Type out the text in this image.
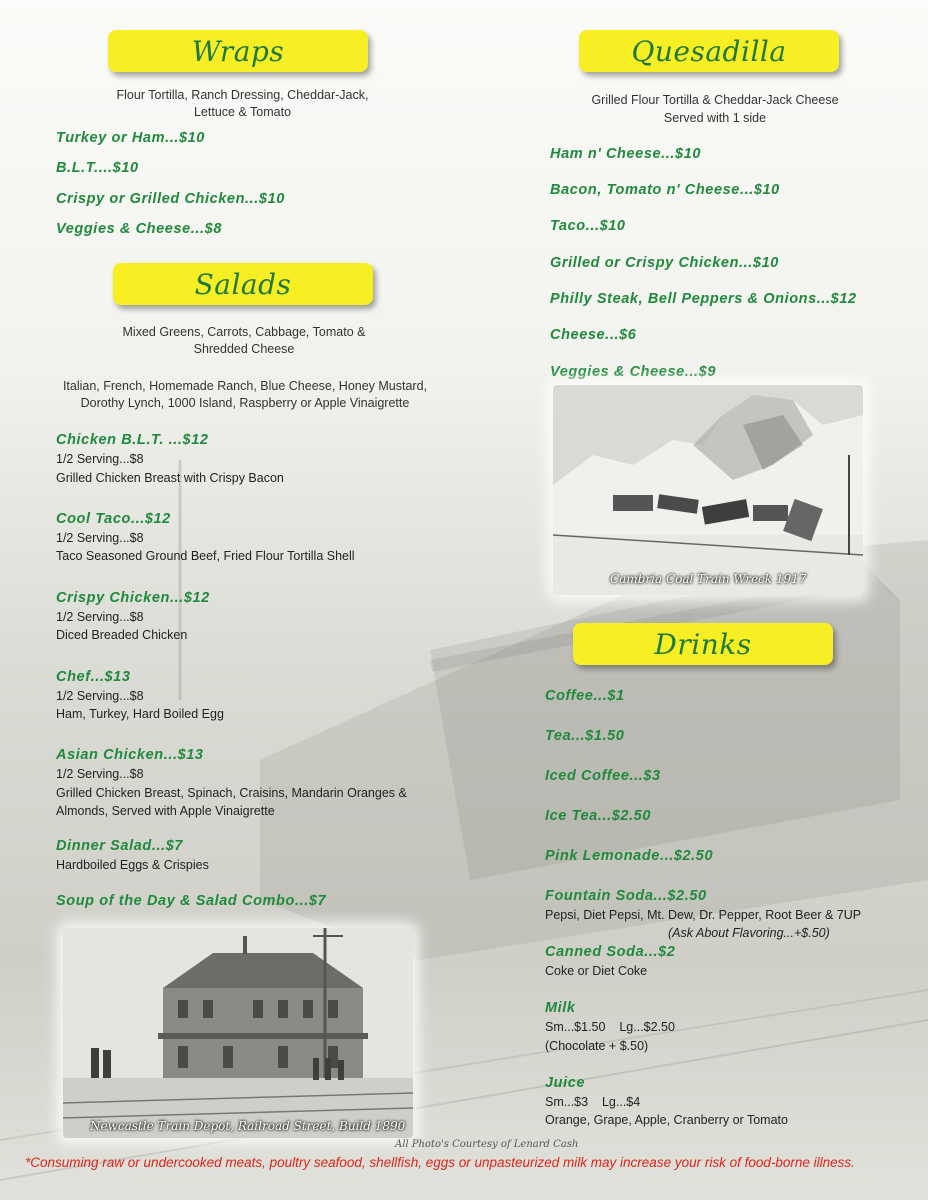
Wraps
Flour Tortilla, Ranch Dressing, Cheddar-Jack, Lettuce & Tomato
Turkey or Ham...$10
B.L.T....$10
Crispy or Grilled Chicken...$10
Veggies & Cheese...$8
Salads
Mixed Greens, Carrots, Cabbage, Tomato & Shredded Cheese
Italian, French, Homemade Ranch, Blue Cheese, Honey Mustard, Dorothy Lynch, 1000 Island, Raspberry or Apple Vinaigrette
Chicken B.L.T. ...$12
1/2 Serving...$8
Grilled Chicken Breast with Crispy Bacon
Cool Taco...$12
1/2 Serving...$8
Taco Seasoned Ground Beef, Fried Flour Tortilla Shell
Crispy Chicken...$12
1/2 Serving...$8
Diced Breaded Chicken
Chef...$13
1/2 Serving...$8
Ham, Turkey, Hard Boiled Egg
Asian Chicken...$13
1/2 Serving...$8
Grilled Chicken Breast, Spinach, Craisins, Mandarin Oranges & Almonds, Served with Apple Vinaigrette
Dinner Salad...$7
Hardboiled Eggs & Crispies
Soup of the Day & Salad Combo...$7
Quesadilla
Grilled Flour Tortilla & Cheddar-Jack Cheese
Served with 1 side
Ham n' Cheese...$10
Bacon, Tomato n' Cheese...$10
Taco...$10
Grilled or Crispy Chicken...$10
Philly Steak, Bell Peppers & Onions...$12
Cheese...$6
Veggies & Cheese...$9
Cambria Coal Train Wreck 1917
Drinks
Coffee...$1
Tea...$1.50
Iced Coffee...$3
Ice Tea...$2.50
Pink Lemonade...$2.50
Fountain Soda...$2.50
Pepsi, Diet Pepsi, Mt. Dew, Dr. Pepper, Root Beer & 7UP
(Ask About Flavoring...+$.50)
Canned Soda...$2
Coke or Diet Coke
Milk
Sm...$1.50    Lg...$2.50
(Chocolate + $.50)
Juice
Sm...$3    Lg...$4
Orange, Grape, Apple, Cranberry or Tomato
Newcastle Train Depot, Railroad Street, Build 1890
All Photo's Courtesy of Lenard Cash
*Consuming raw or undercooked meats, poultry seafood, shellfish, eggs or unpasteurized milk may increase your risk of food-borne illness.
